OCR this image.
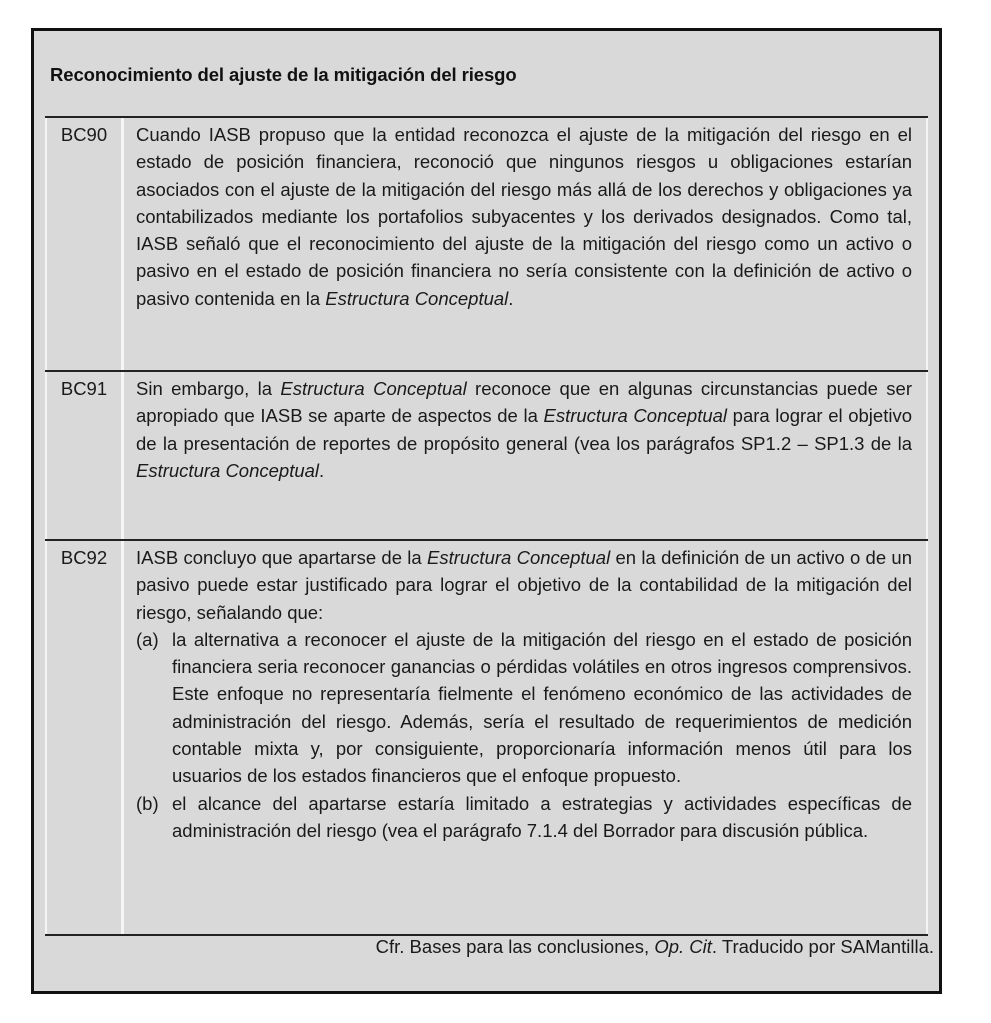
Reconocimiento del ajuste de la mitigación del riesgo
BC90	Cuando IASB propuso que la entidad reconozca el ajuste de la mitigación del riesgo en el estado de posición financiera, reconoció que ningunos riesgos u obligaciones estarían asociados con el ajuste de la mitigación del riesgo más allá de los derechos y obligaciones ya contabilizados mediante los portafolios subyacentes y los derivados designados. Como tal, IASB señaló que el reconocimiento del ajuste de la mitigación del riesgo como un activo o pasivo en el estado de posición financiera no sería consistente con la definición de activo o pasivo contenida en la Estructura Conceptual.

BC91	Sin embargo, la Estructura Conceptual reconoce que en algunas circunstancias puede ser apropiado que IASB se aparte de aspectos de la Estructura Conceptual para lograr el objetivo de la presentación de reportes de propósito general (vea los parágrafos SP1.2 – SP1.3 de la Estructura Conceptual.

BC92	IASB concluyo que apartarse de la Estructura Conceptual en la definición de un activo o de un pasivo puede estar justificado para lograr el objetivo de la contabilidad de la mitigación del riesgo, señalando que:

(a) la alternativa a reconocer el ajuste de la mitigación del riesgo en el estado de posición financiera seria reconocer ganancias o pérdidas volátiles en otros ingresos comprensivos. Este enfoque no representaría fielmente el fenómeno económico de las actividades de administración del riesgo. Además, sería el resultado de requerimientos de medición contable mixta y, por consiguiente, proporcionaría información menos útil para los usuarios de los estados financieros que el enfoque propuesto.
(b) el alcance del apartarse estaría limitado a estrategias y actividades específicas de administración del riesgo (vea el parágrafo 7.1.4 del Borrador para discusión pública.
Cfr. Bases para las conclusiones, Op. Cit. Traducido por SAMantilla.
